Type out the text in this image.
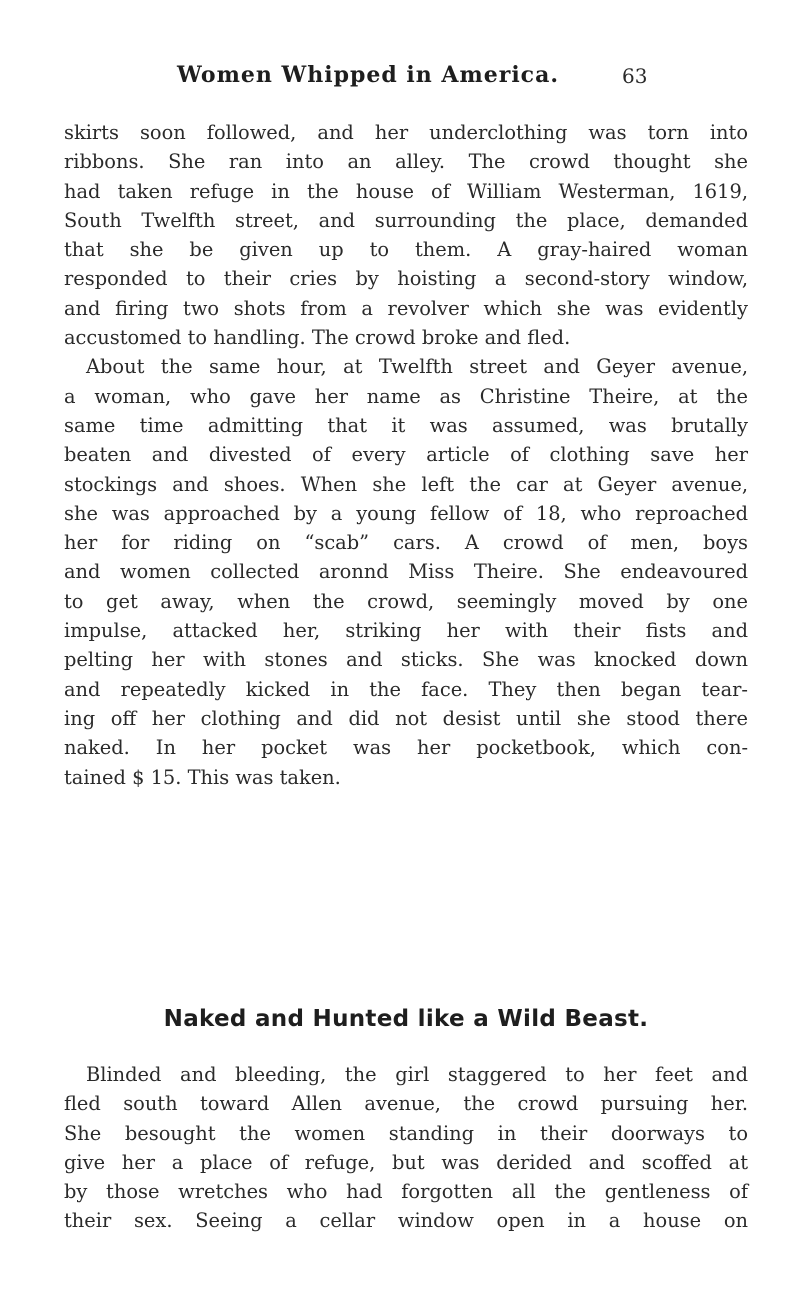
Women Whipped in America.	63

skirts soon followed, and her underclothing was torn into
ribbons. She ran into an alley. The crowd thought she
had taken refuge in the house of William Westerman, 1619,
South Twelfth street, and surrounding the place, demanded
that she be given up to them. A gray-haired woman
responded to their cries by hoisting a second-story window,
and firing two shots from a revolver which she was evidently
accustomed to handling. The crowd broke and fled.

About the same hour, at Twelfth street and Geyer avenue,
a woman, who gave her name as Christine Theire, at the
same time admitting that it was assumed, was brutally
beaten and divested of every article of clothing save her
stockings and shoes. When she left the car at Geyer avenue,
she was approached by a young fellow of 18, who reproached
her for riding on “scab” cars. A crowd of men, boys
and women collected aronnd Miss Theire. She endeavoured
to get away, when the crowd, seemingly moved by one
impulse, attacked her, striking her with their fists and
pelting her with stones and sticks. She was knocked down
and repeatedly kicked in the face. They then began tear-
ing off her clothing and did not desist until she stood there
naked. In her pocket was her pocketbook, which con-
tained $ 15. This was taken.

Naked and Hunted like a Wild Beast.

Blinded and bleeding, the girl staggered to her feet and
fled south toward Allen avenue, the crowd pursuing her.
She besought the women standing in their doorways to
give her a place of refuge, but was derided and scoffed at
by those wretches who had forgotten all the gentleness of
their sex. Seeing a cellar window open in a house on
